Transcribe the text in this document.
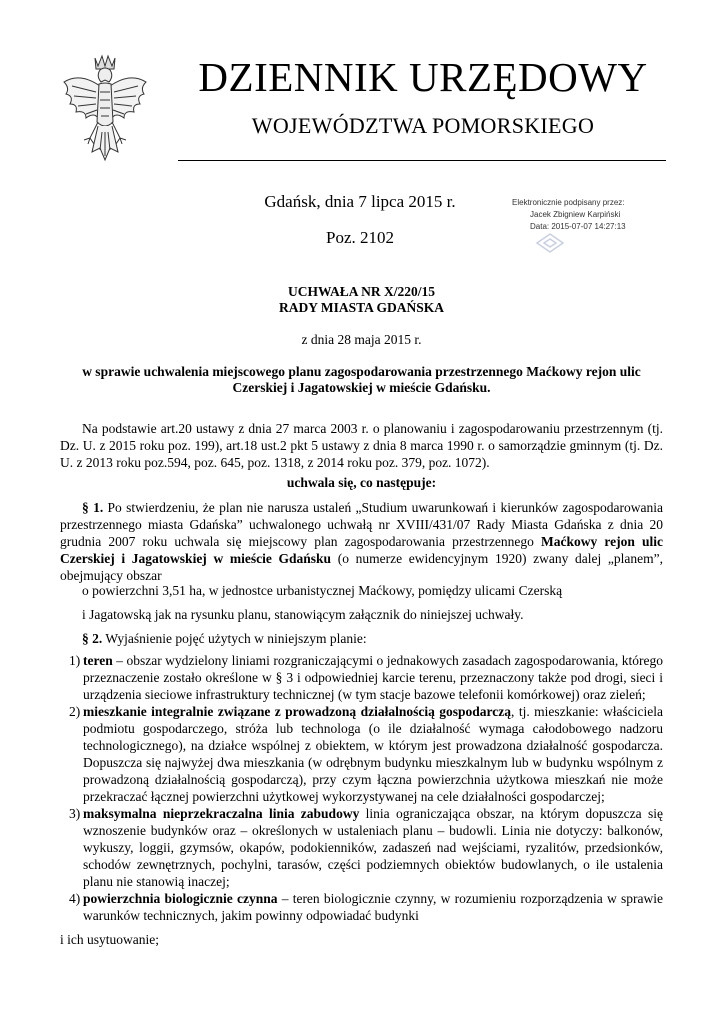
DZIENNIK URZĘDOWY
WOJEWÓDZTWA POMORSKIEGO
Gdańsk, dnia 7 lipca 2015 r.
Poz. 2102
Elektronicznie podpisany przez:
Jacek Zbigniew Karpiński
Data: 2015-07-07 14:27:13
UCHWAŁA NR X/220/15
RADY MIASTA GDAŃSKA
z dnia 28 maja 2015 r.
w sprawie uchwalenia miejscowego planu zagospodarowania przestrzennego Maćkowy rejon ulic
Czerskiej i Jagatowskiej w mieście Gdańsku.
Na podstawie art.20 ustawy z dnia 27 marca 2003 r. o planowaniu i zagospodarowaniu przestrzennym (tj. Dz. U. z 2015 roku poz. 199), art.18 ust.2 pkt 5 ustawy z dnia 8 marca 1990 r. o samorządzie gminnym (tj. Dz. U. z 2013 roku poz.594, poz. 645, poz. 1318, z 2014 roku poz. 379, poz. 1072).
uchwala się, co następuje:
§ 1. Po stwierdzeniu, że plan nie narusza ustaleń „Studium uwarunkowań i kierunków zagospodarowania przestrzennego miasta Gdańska” uchwalonego uchwałą nr XVIII/431/07 Rady Miasta Gdańska z dnia 20 grudnia 2007 roku uchwala się miejscowy plan zagospodarowania przestrzennego Maćkowy rejon ulic Czerskiej i Jagatowskiej w mieście Gdańsku (o numerze ewidencyjnym 1920) zwany dalej „planem”, obejmujący obszar
o powierzchni 3,51 ha, w jednostce urbanistycznej Maćkowy, pomiędzy ulicami Czerską
i Jagatowską jak na rysunku planu, stanowiącym załącznik do niniejszej uchwały.
§ 2. Wyjaśnienie pojęć użytych w niniejszym planie:
1) teren – obszar wydzielony liniami rozgraniczającymi o jednakowych zasadach zagospodarowania, którego przeznaczenie zostało określone w § 3 i odpowiedniej karcie terenu, przeznaczony także pod drogi, sieci i urządzenia sieciowe infrastruktury technicznej (w tym stacje bazowe telefonii komórkowej) oraz zieleń;
2) mieszkanie integralnie związane z prowadzoną działalnością gospodarczą, tj. mieszkanie: właściciela podmiotu gospodarczego, stróża lub technologa (o ile działalność wymaga całodobowego nadzoru technologicznego), na działce wspólnej z obiektem, w którym jest prowadzona działalność gospodarcza. Dopuszcza się najwyżej dwa mieszkania (w odrębnym budynku mieszkalnym lub w budynku wspólnym z prowadzoną działalnością gospodarczą), przy czym łączna powierzchnia użytkowa mieszkań nie może przekraczać łącznej powierzchni użytkowej wykorzystywanej na cele działalności gospodarczej;
3) maksymalna nieprzekraczalna linia zabudowy linia ograniczająca obszar, na którym dopuszcza się wznoszenie budynków oraz – określonych w ustaleniach planu – budowli. Linia nie dotyczy: balkonów, wykuszy, loggii, gzymsów, okapów, podokienników, zadaszeń nad wejściami, ryzalitów, przedsionków, schodów zewnętrznych, pochylni, tarasów, części podziemnych obiektów budowlanych, o ile ustalenia planu nie stanowią inaczej;
4) powierzchnia biologicznie czynna – teren biologicznie czynny, w rozumieniu rozporządzenia w sprawie warunków technicznych, jakim powinny odpowiadać budynki
i ich usytuowanie;
